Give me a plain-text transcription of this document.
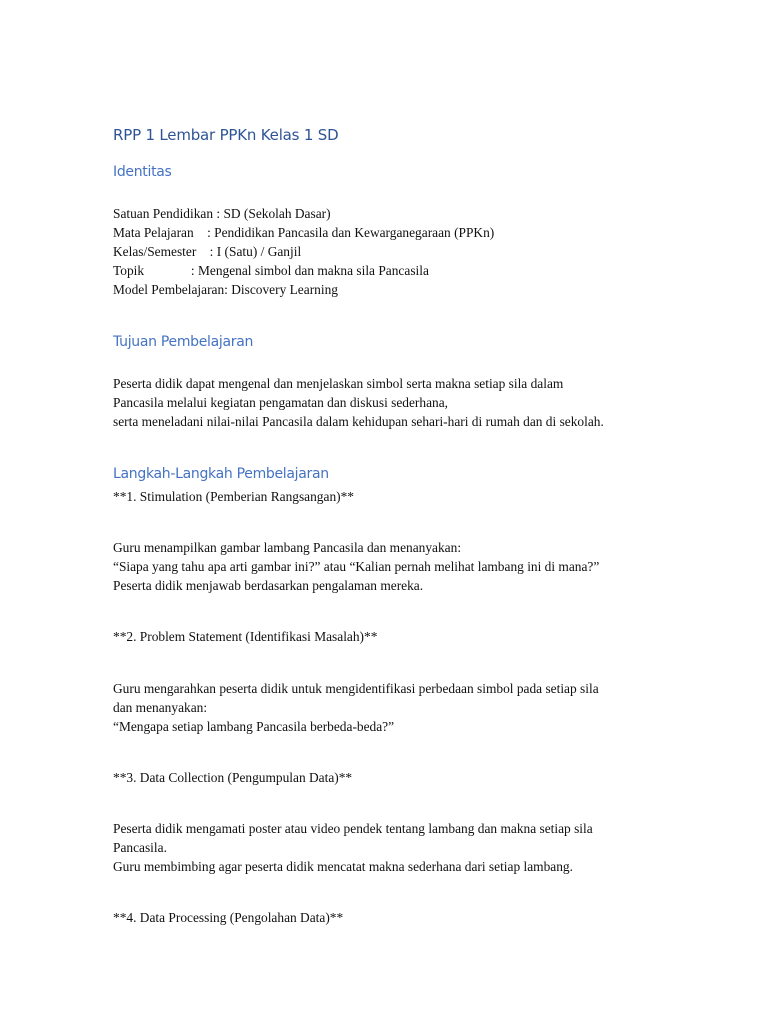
RPP 1 Lembar PPKn Kelas 1 SD
Identitas

Satuan Pendidikan : SD (Sekolah Dasar)

Mata Pelajaran    : Pendidikan Pancasila dan Kewarganegaraan (PPKn)

Kelas/Semester    : I (Satu) / Ganjil

Topik              : Mengenal simbol dan makna sila Pancasila

Model Pembelajaran: Discovery Learning

Tujuan Pembelajaran

Peserta didik dapat mengenal dan menjelaskan simbol serta makna setiap sila dalam

Pancasila melalui kegiatan pengamatan dan diskusi sederhana,

serta meneladani nilai-nilai Pancasila dalam kehidupan sehari-hari di rumah dan di sekolah.

Langkah-Langkah Pembelajaran

**1. Stimulation (Pemberian Rangsangan)**

Guru menampilkan gambar lambang Pancasila dan menanyakan:

“Siapa yang tahu apa arti gambar ini?” atau “Kalian pernah melihat lambang ini di mana?”

Peserta didik menjawab berdasarkan pengalaman mereka.

**2. Problem Statement (Identifikasi Masalah)**

Guru mengarahkan peserta didik untuk mengidentifikasi perbedaan simbol pada setiap sila

dan menanyakan:

“Mengapa setiap lambang Pancasila berbeda-beda?”

**3. Data Collection (Pengumpulan Data)**

Peserta didik mengamati poster atau video pendek tentang lambang dan makna setiap sila

Pancasila.

Guru membimbing agar peserta didik mencatat makna sederhana dari setiap lambang.

**4. Data Processing (Pengolahan Data)**
